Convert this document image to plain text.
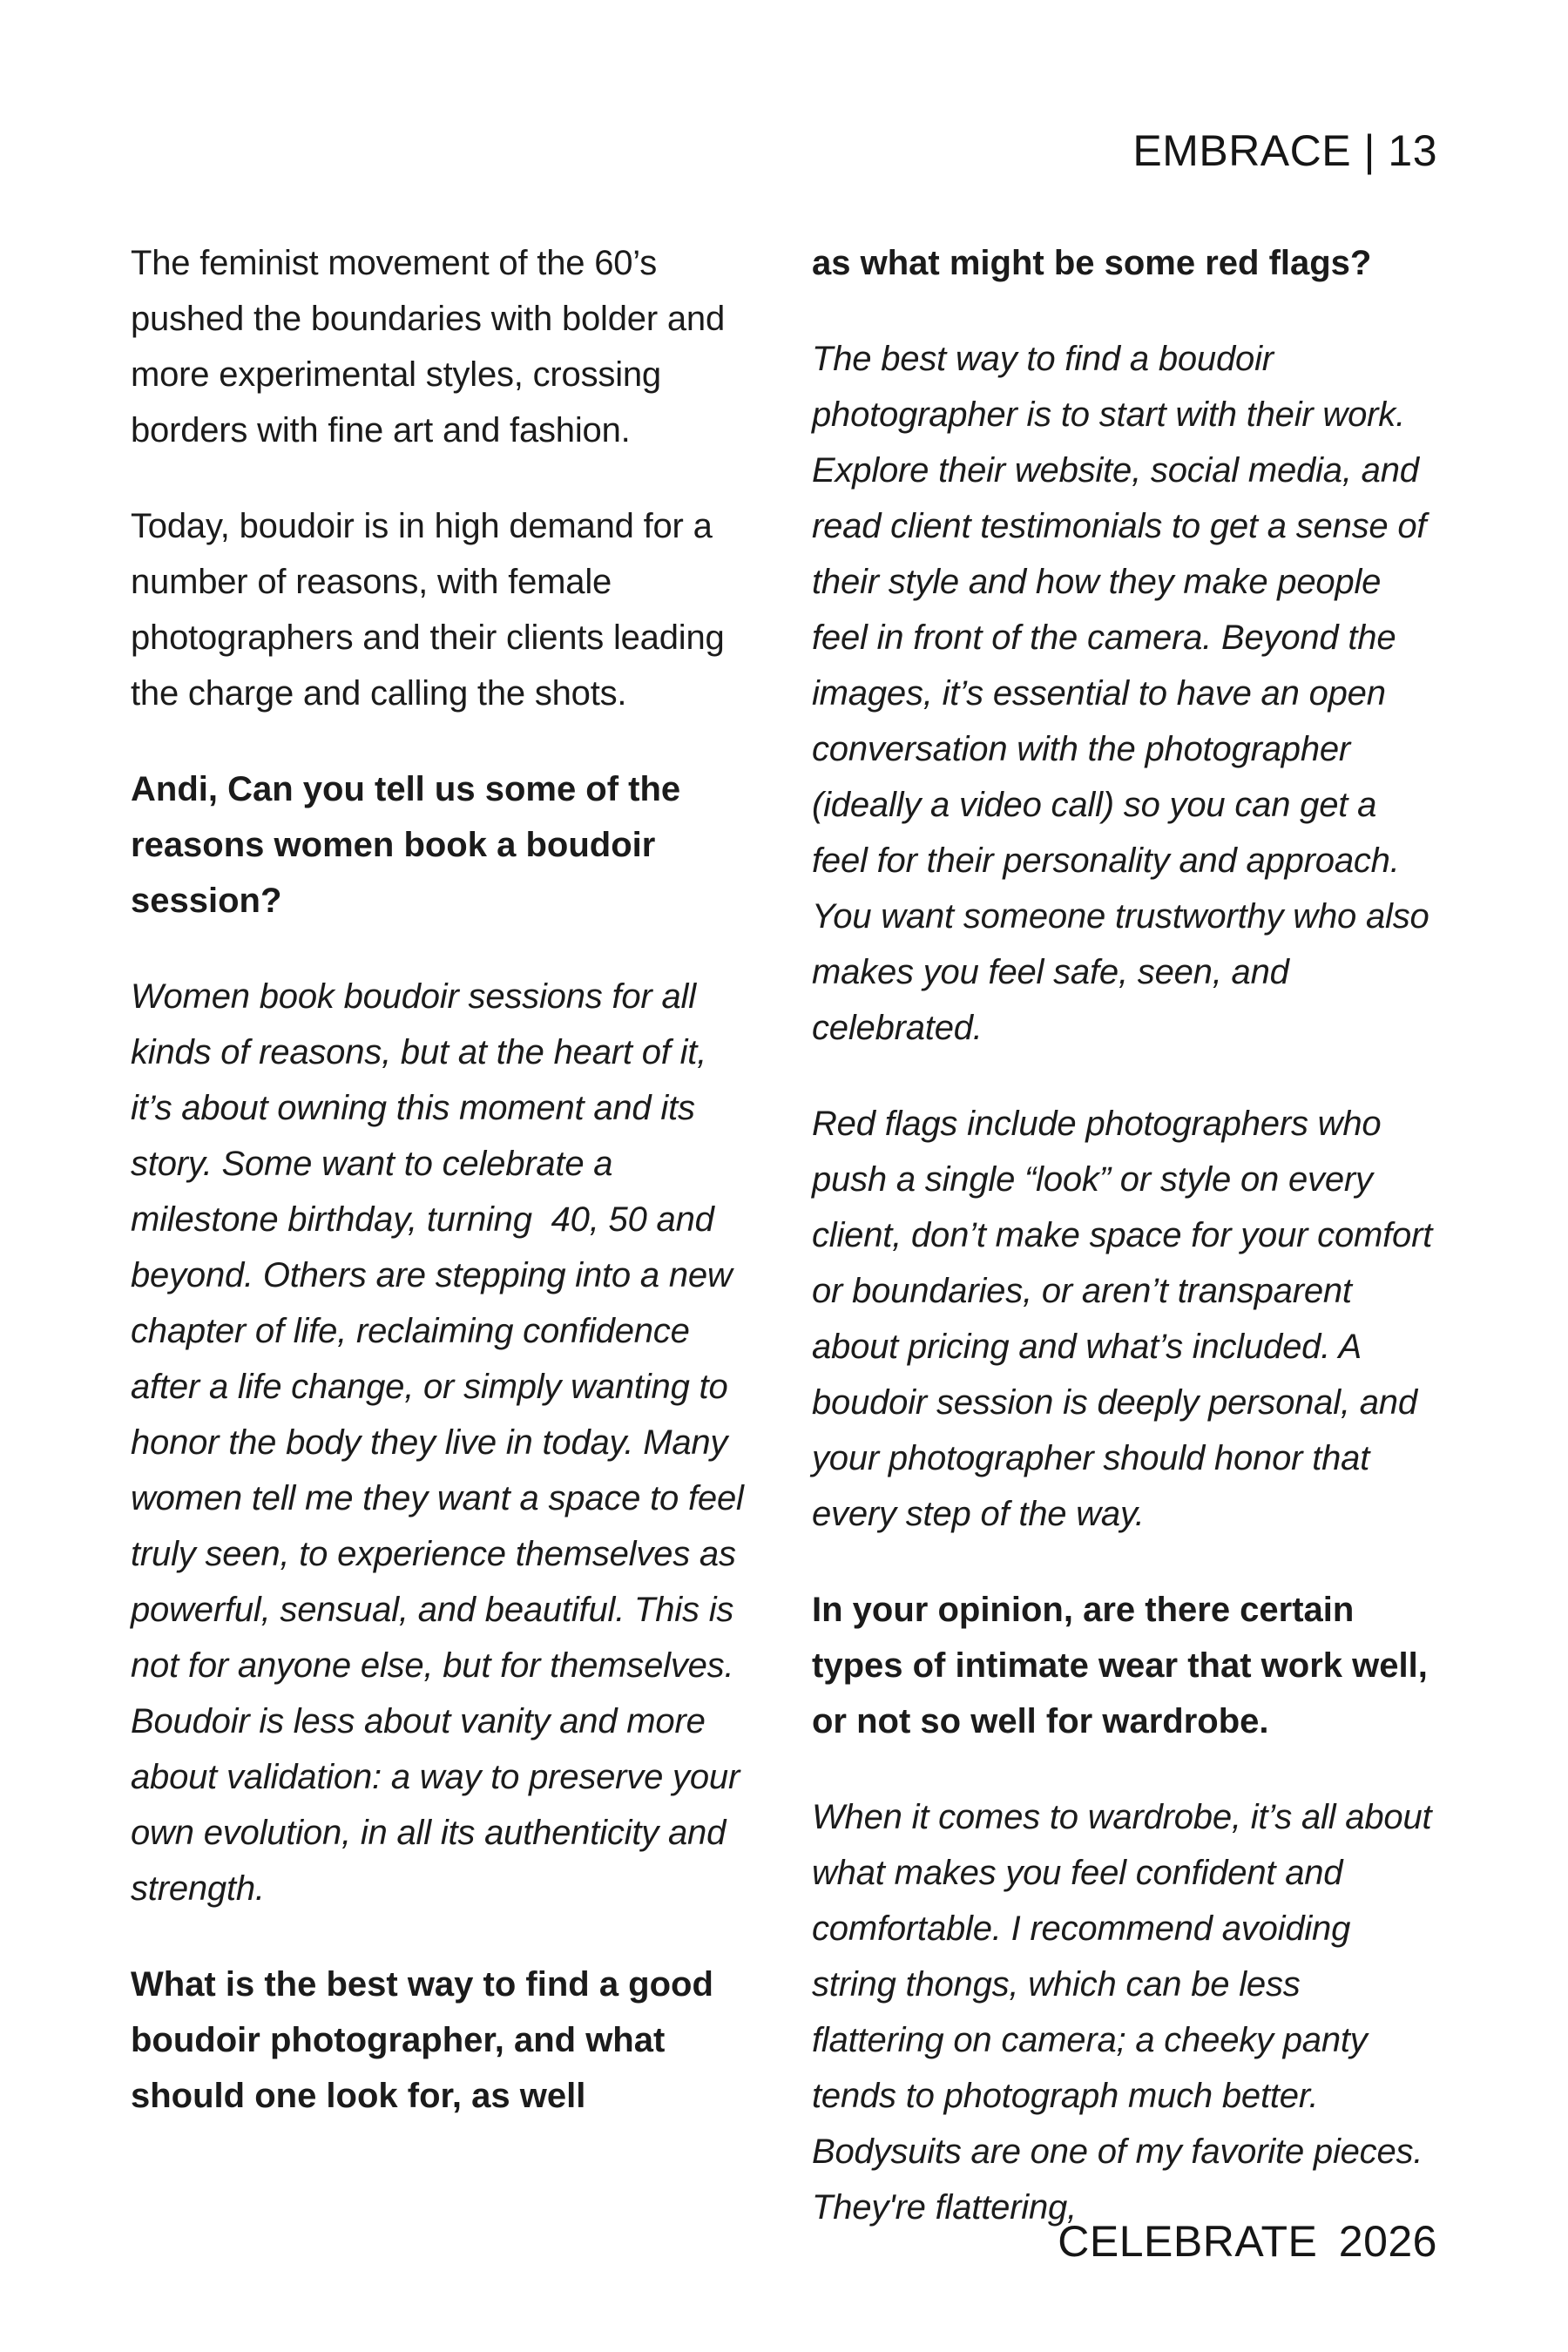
EMBRACE | 13

The feminist movement of the 60’s pushed the boundaries with bolder and more experimental styles, crossing borders with fine art and fashion.

Today, boudoir is in high demand for a number of reasons, with female photographers and their clients leading the charge and calling the shots.

Andi, Can you tell us some of the reasons women book a boudoir session?

Women book boudoir sessions for all kinds of reasons, but at the heart of it, it’s about owning this moment and its story. Some want to celebrate a milestone birthday, turning  40, 50 and beyond. Others are stepping into a new chapter of life, reclaiming confidence after a life change, or simply wanting to honor the body they live in today. Many women tell me they want a space to feel truly seen, to experience themselves as powerful, sensual, and beautiful. This is not for anyone else, but for themselves. Boudoir is less about vanity and more about validation: a way to preserve your own evolution, in all its authenticity and strength.

What is the best way to find a good boudoir photographer, and what should one look for, as well

as what might be some red flags?

The best way to find a boudoir photographer is to start with their work. Explore their website, social media, and read client testimonials to get a sense of their style and how they make people feel in front of the camera. Beyond the images, it’s essential to have an open conversation with the photographer (ideally a video call) so you can get a feel for their personality and approach. You want someone trustworthy who also makes you feel safe, seen, and celebrated.

Red flags include photographers who push a single “look” or style on every client, don’t make space for your comfort or boundaries, or aren’t transparent about pricing and what’s included. A boudoir session is deeply personal, and your photographer should honor that every step of the way.

In your opinion, are there certain types of intimate wear that work well, or not so well for wardrobe.

When it comes to wardrobe, it’s all about what makes you feel confident and comfortable. I recommend avoiding string thongs, which can be less flattering on camera; a cheeky panty tends to photograph much better. Bodysuits are one of my favorite pieces. They're flattering,

CELEBRATE 2026
